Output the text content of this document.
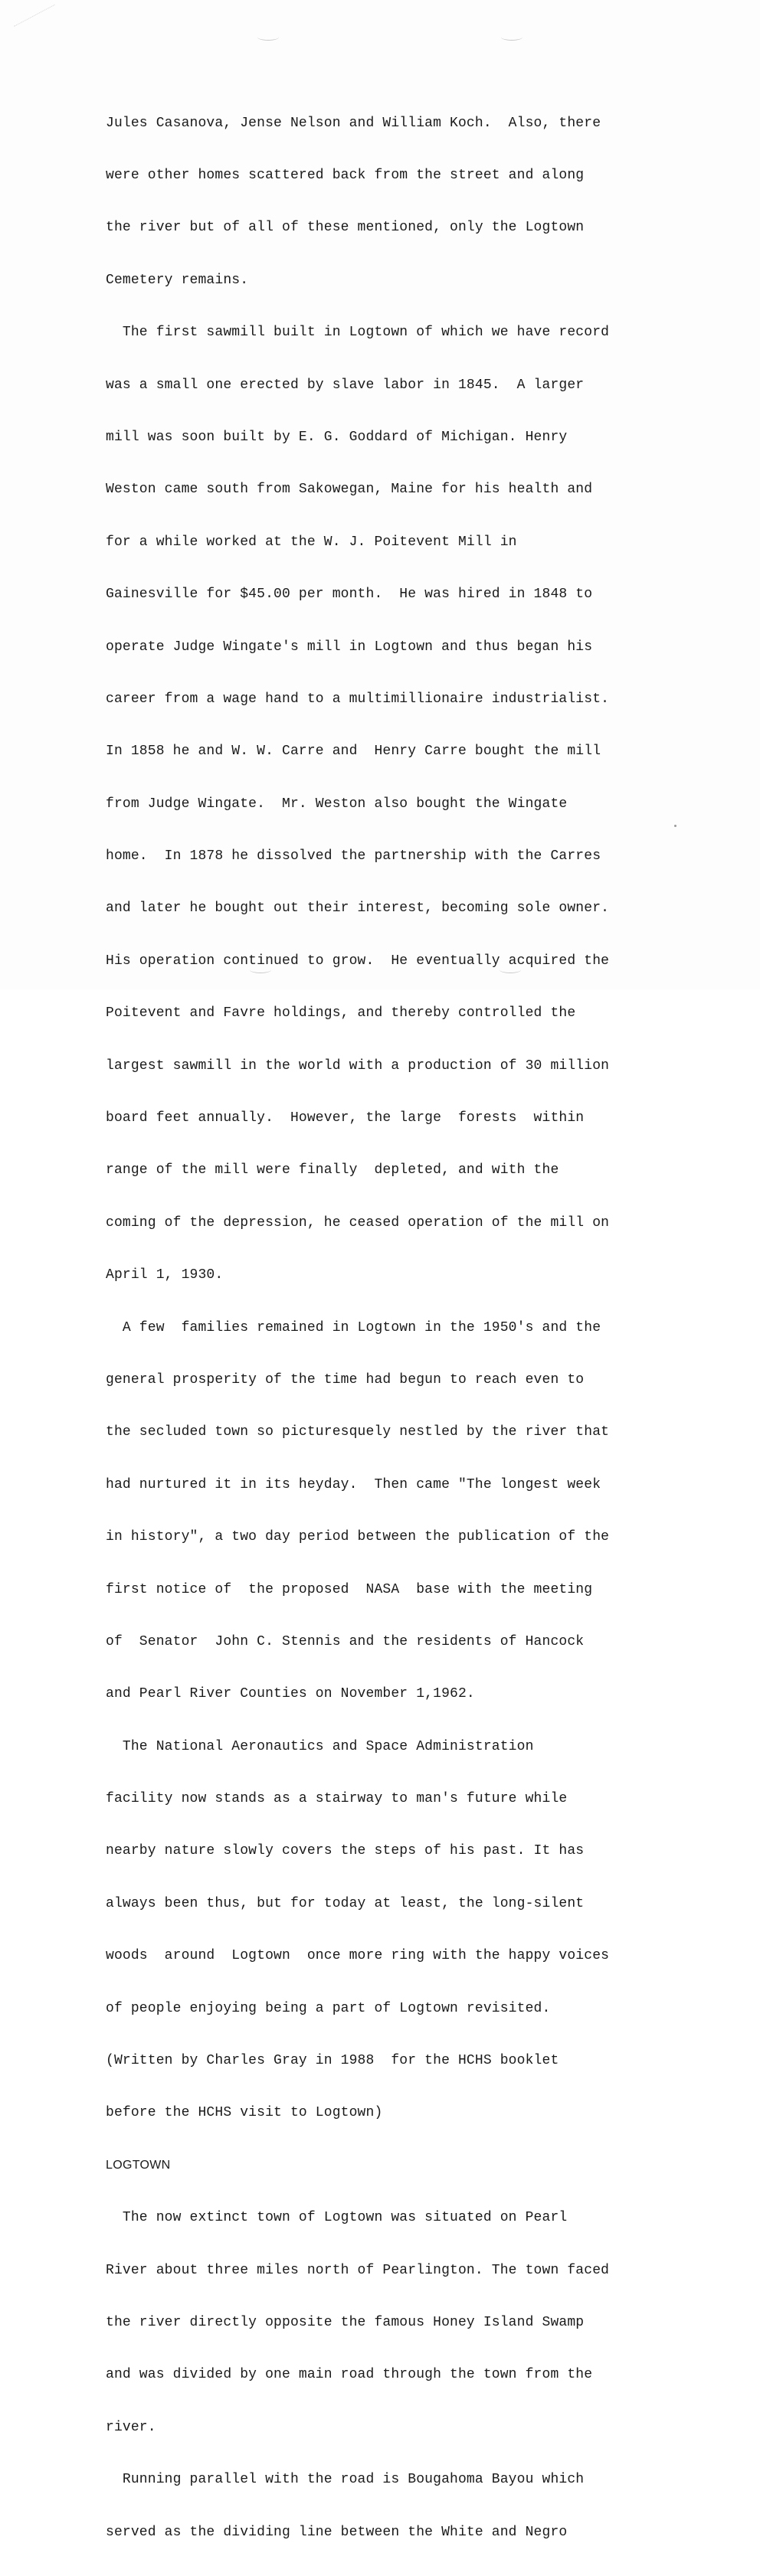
Jules Casanova, Jense Nelson and William Koch.  Also, there

were other homes scattered back from the street and along

the river but of all of these mentioned, only the Logtown

Cemetery remains.

The first sawmill built in Logtown of which we have record

was a small one erected by slave labor in 1845.  A larger

mill was soon built by E. G. Goddard of Michigan. Henry

Weston came south from Sakowegan, Maine for his health and

for a while worked at the W. J. Poitevent Mill in

Gainesville for $45.00 per month.  He was hired in 1848 to

operate Judge Wingate's mill in Logtown and thus began his

career from a wage hand to a multimillionaire industrialist.

In 1858 he and W. W. Carre and  Henry Carre bought the mill

from Judge Wingate.  Mr. Weston also bought the Wingate

home.  In 1878 he dissolved the partnership with the Carres

and later he bought out their interest, becoming sole owner.

His operation continued to grow.  He eventually acquired the

Poitevent and Favre holdings, and thereby controlled the

largest sawmill in the world with a production of 30 million

board feet annually.  However, the large  forests  within

range of the mill were finally  depleted, and with the

coming of the depression, he ceased operation of the mill on

April 1, 1930.

A few  families remained in Logtown in the 1950's and the

general prosperity of the time had begun to reach even to

the secluded town so picturesquely nestled by the river that

had nurtured it in its heyday.  Then came "The longest week

in history", a two day period between the publication of the

first notice of  the proposed  NASA  base with the meeting

of  Senator  John C. Stennis and the residents of Hancock

and Pearl River Counties on November 1,1962.

The National Aeronautics and Space Administration

facility now stands as a stairway to man's future while

nearby nature slowly covers the steps of his past. It has

always been thus, but for today at least, the long-silent

woods  around  Logtown  once more ring with the happy voices

of people enjoying being a part of Logtown revisited.

(Written by Charles Gray in 1988  for the HCHS booklet

before the HCHS visit to Logtown)

LOGTOWN

The now extinct town of Logtown was situated on Pearl

River about three miles north of Pearlington. The town faced

the river directly opposite the famous Honey Island Swamp

and was divided by one main road through the town from the

river.

Running parallel with the road is Bougahoma Bayou which

served as the dividing line between the White and Negro
